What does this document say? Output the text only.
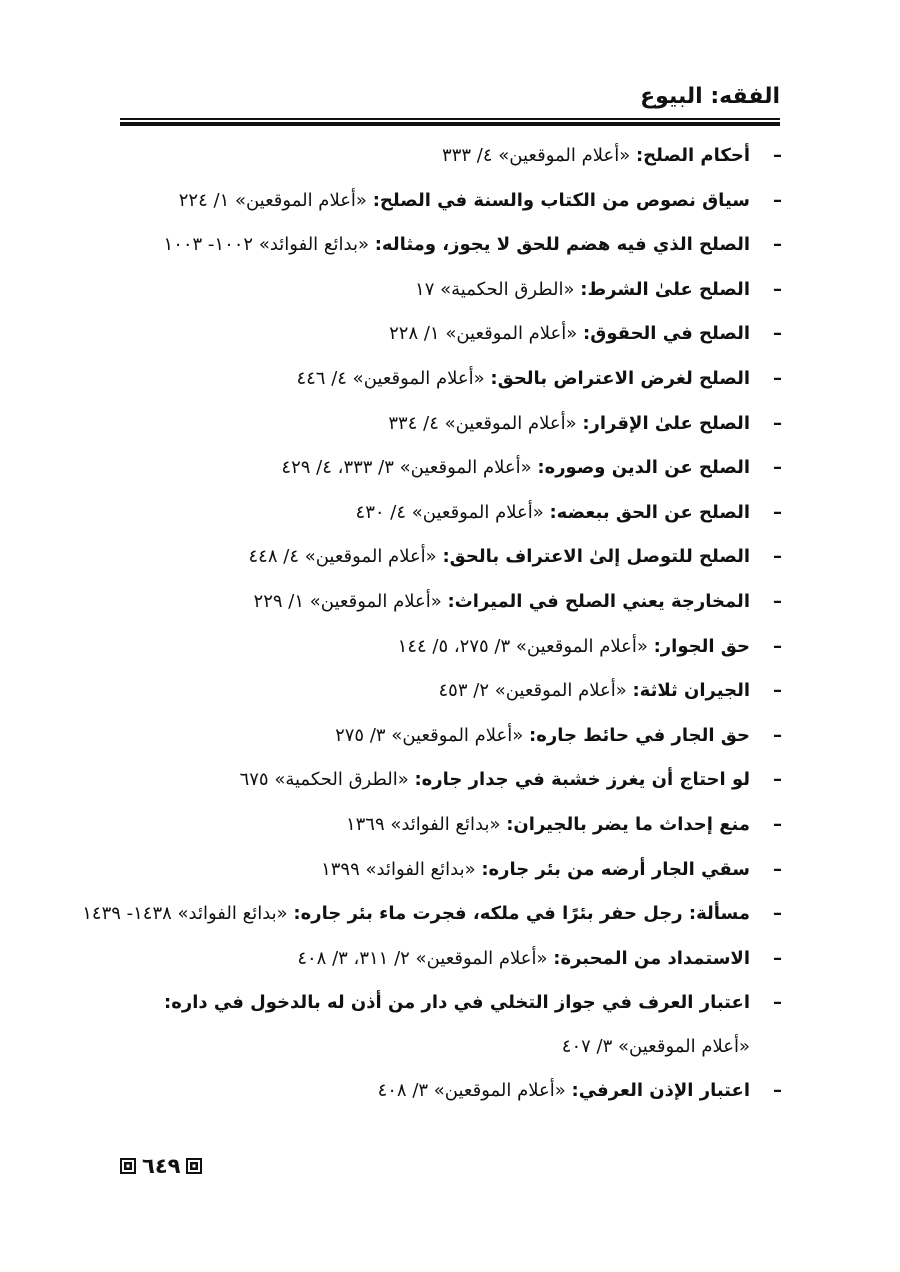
الفقه: البيوع
–
أحكام الصلح: «أعلام الموقعين» ٤/ ٣٣٣
–
سياق نصوص من الكتاب والسنة في الصلح: «أعلام الموقعين» ١/ ٢٢٤
–
الصلح الذي فيه هضم للحق لا يجوز، ومثاله: «بدائع الفوائد» ١٠٠٢- ١٠٠٣
–
الصلح علىٰ الشرط: «الطرق الحكمية» ١٧
–
الصلح في الحقوق: «أعلام الموقعين» ١/ ٢٢٨
–
الصلح لغرض الاعتراض بالحق: «أعلام الموقعين» ٤/ ٤٤٦
–
الصلح علىٰ الإقرار: «أعلام الموقعين» ٤/ ٣٣٤
–
الصلح عن الدين وصوره: «أعلام الموقعين» ٣/ ٣٣٣، ٤/ ٤٢٩
–
الصلح عن الحق ببعضه: «أعلام الموقعين» ٤/ ٤٣٠
–
الصلح للتوصل إلىٰ الاعتراف بالحق: «أعلام الموقعين» ٤/ ٤٤٨
–
المخارجة يعني الصلح في الميراث: «أعلام الموقعين» ١/ ٢٢٩
–
حق الجوار: «أعلام الموقعين» ٣/ ٢٧٥، ٥/ ١٤٤
–
الجيران ثلاثة: «أعلام الموقعين» ٢/ ٤٥٣
–
حق الجار في حائط جاره: «أعلام الموقعين» ٣/ ٢٧٥
–
لو احتاج أن يغرز خشبة في جدار جاره: «الطرق الحكمية» ٦٧٥
–
منع إحداث ما يضر بالجيران: «بدائع الفوائد» ١٣٦٩
–
سقي الجار أرضه من بئر جاره: «بدائع الفوائد» ١٣٩٩
–
مسألة: رجل حفر بئرًا في ملكه، فجرت ماء بئر جاره: «بدائع الفوائد» ١٤٣٨- ١٤٣٩
–
الاستمداد من المحبرة: «أعلام الموقعين» ٢/ ٣١١، ٣/ ٤٠٨
–
اعتبار العرف في جواز التخلي في دار من أذن له بالدخول في داره: «أعلام الموقعين» ٣/ ٤٠٧
–
اعتبار الإذن العرفي: «أعلام الموقعين» ٣/ ٤٠٨
٦٤٩
